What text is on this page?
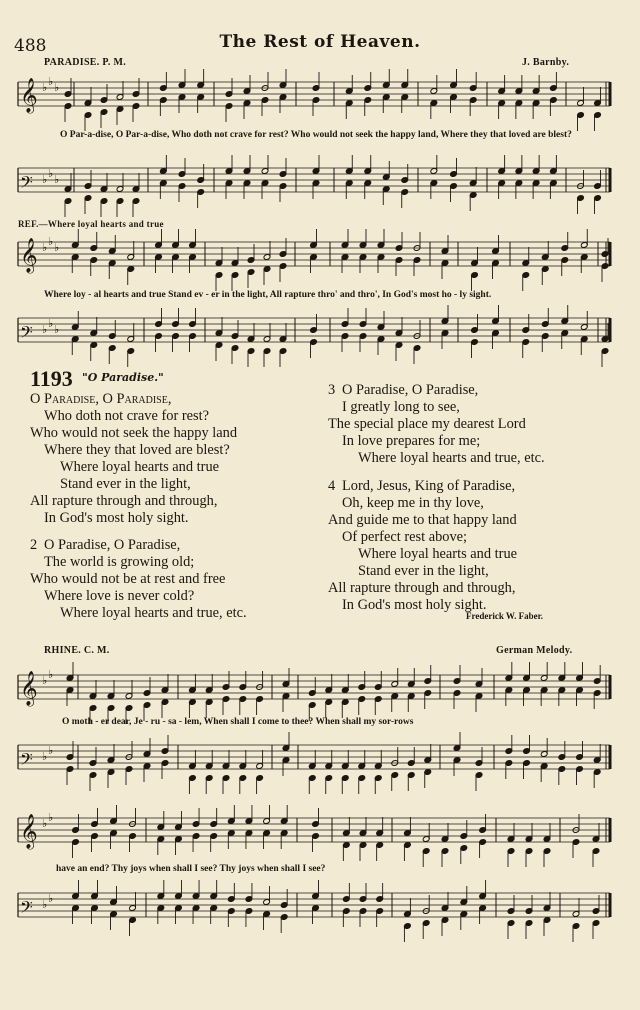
𝄞 ♭ ♭ ♭
𝄢 ♭ ♭ ♭
𝄞 ♭ ♭ ♭
𝄢 ♭ ♭ ♭
𝄞 ♭ ♭
𝄢 ♭ ♭
𝄞 ♭ ♭
𝄢 ♭ ♭
488	The Rest of Heaven.
PARADISE. P. M.	J. Barnby.
O Par-a-dise, O Par-a-dise, Who doth not crave for rest? Who would not seek the happy land, Where they that loved are blest?
REF.—Where loyal hearts and true
Where loy - al hearts and true Stand ev - er in the light, All rapture thro' and thro', In God's most ho - ly sight.
1193 "O Paradise."
O Paradise, O Paradise,
Who doth not crave for rest?
Who would not seek the happy land
Where they that loved are blest?
Where loyal hearts and true
Stand ever in the light,
All rapture through and through,
In God's most holy sight.
2 O Paradise, O Paradise,
The world is growing old;
Who would not be at rest and free
Where love is never cold?
Where loyal hearts and true, etc.
3 O Paradise, O Paradise,
I greatly long to see,
The special place my dearest Lord
In love prepares for me;
Where loyal hearts and true, etc.
4 Lord, Jesus, King of Paradise,
Oh, keep me in thy love,
And guide me to that happy land
Of perfect rest above;
Where loyal hearts and true
Stand ever in the light,
All rapture through and through,
In God's most holy sight.
Frederick W. Faber.
RHINE. C. M.	German Melody.
O moth - er dear, Je - ru - sa - lem, When shall I come to thee? When shall my sor-rows
have an end? Thy joys when shall I see? Thy joys when shall I see?
